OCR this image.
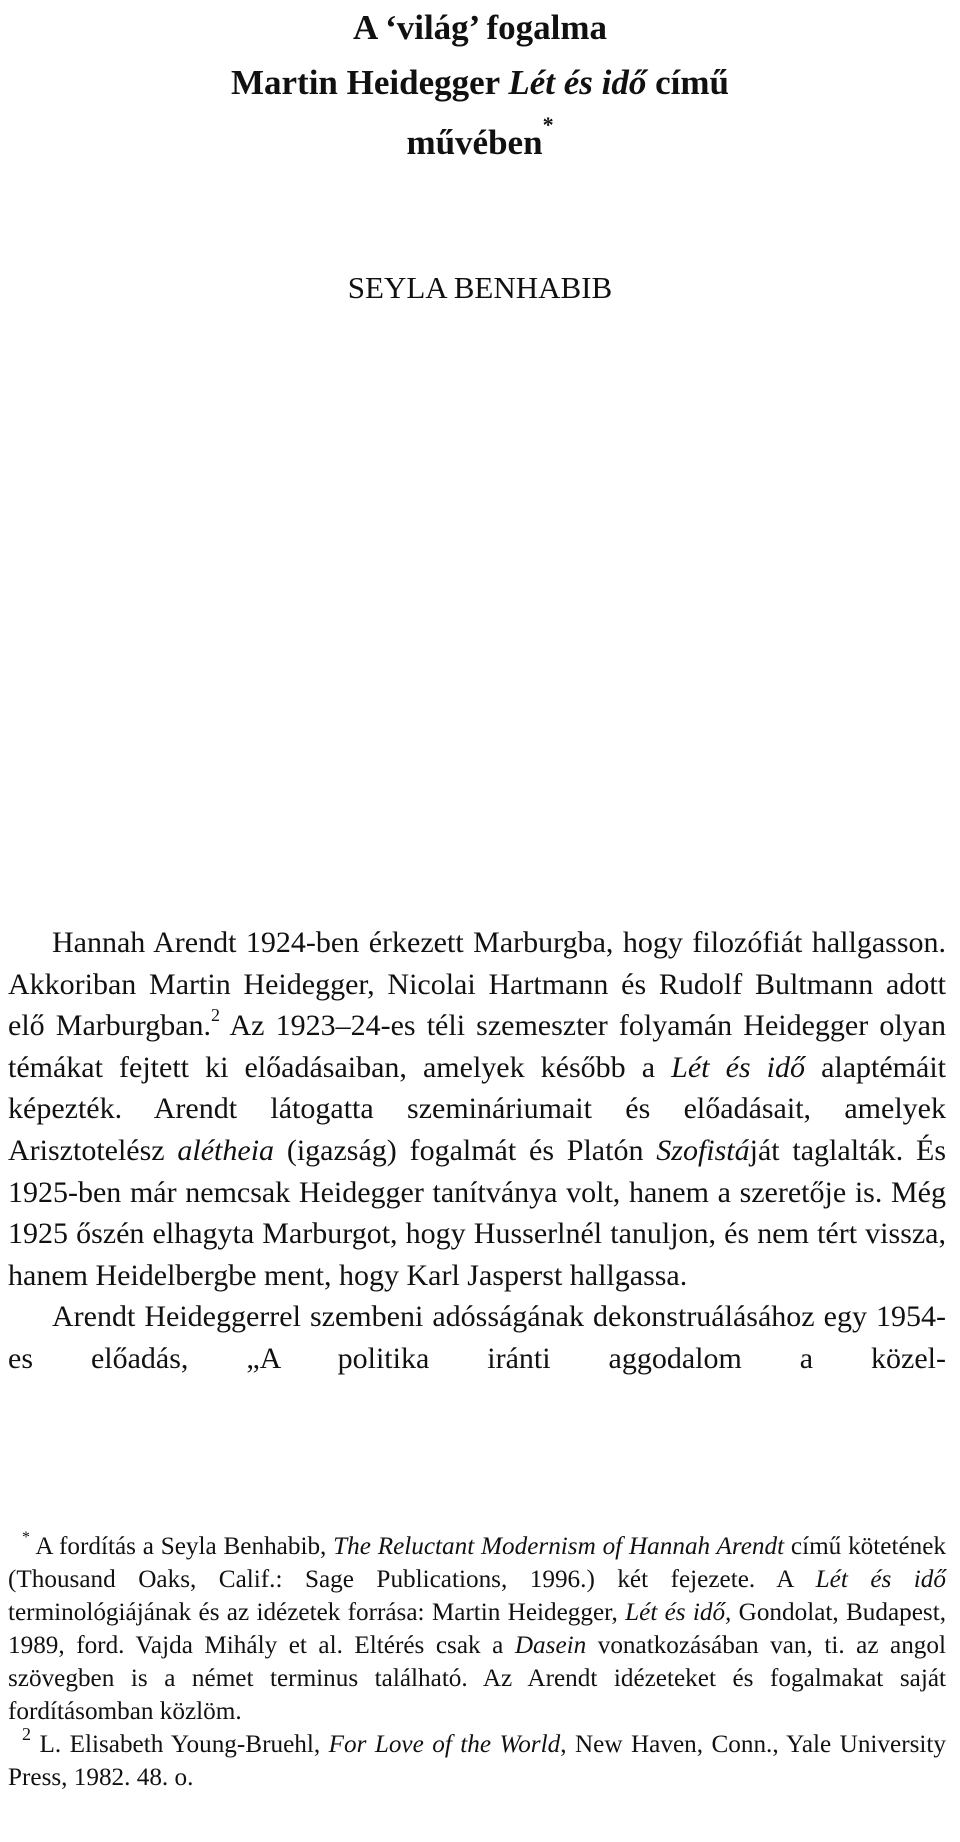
A ‘világ’ fogalma
Martin Heidegger Lét és idő című
művében*
SEYLA BENHABIB

Hannah Arendt 1924-ben érkezett Marburgba, hogy filozófiát hallgasson. Akkoriban Martin Heidegger, Nicolai Hartmann és Rudolf Bultmann adott elő Marburgban.$^2$ Az 1923–24-es téli szemeszter folyamán Heidegger olyan témákat fejtett ki előadásaiban, amelyek később a Lét és idő alaptémáit képezték. Arendt látogatta szemináriumait és előadásait, amelyek Arisztotelész alétheia (igazság) fogalmát és Platón Szofistáját taglalták. És 1925-ben már nemcsak Heidegger tanítványa volt, hanem a szeretője is. Még 1925 őszén elhagyta Marburgot, hogy Husserlnél tanuljon, és nem tért vissza, hanem Heidelbergbe ment, hogy Karl Jasperst hallgassa.

Arendt Heideggerrel szembeni adósságának dekonstruálásához egy 1954-es előadás, „A politika iránti aggodalom a közel-

* A fordítás a Seyla Benhabib, The Reluctant Modernism of Hannah Arendt című kötetének (Thousand Oaks, Calif.: Sage Publications, 1996.) két fejezete. A Lét és idő terminológiájának és az idézetek forrása: Martin Heidegger, Lét és idő, Gondolat, Budapest, 1989, ford. Vajda Mihály et al. Eltérés csak a Dasein vonatkozásában van, ti. az angol szövegben is a német terminus található. Az Arendt idézeteket és fogalmakat saját fordításomban közlöm.

$^2$ L. Elisabeth Young-Bruehl, For Love of the World, New Haven, Conn., Yale University Press, 1982. 48. o.
